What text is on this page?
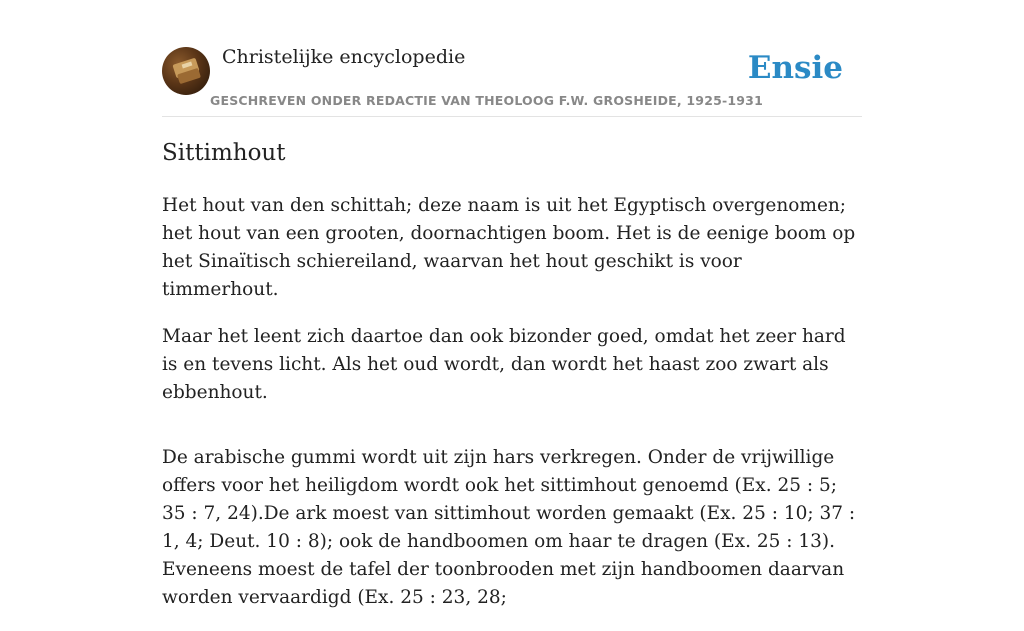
Christelijke encyclopedie
GESCHREVEN ONDER REDACTIE VAN THEOLOOG F.W. GROSHEIDE, 1925-1931
Ensie
Sittimhout

Het hout van den schittah; deze naam is uit het Egyptisch overgenomen; het hout van een grooten, doornachtigen boom. Het is de eenige boom op het Sinaïtisch schiereiland, waarvan het hout geschikt is voor timmerhout.

Maar het leent zich daartoe dan ook bizonder goed, omdat het zeer hard is en tevens licht. Als het oud wordt, dan wordt het haast zoo zwart als ebbenhout.

De arabische gummi wordt uit zijn hars verkregen. Onder de vrijwillige offers voor het heiligdom wordt ook het sittimhout genoemd (Ex. 25 : 5; 35 : 7, 24).De ark moest van sittimhout worden gemaakt (Ex. 25 : 10; 37 : 1, 4; Deut. 10 : 8); ook de handboomen om haar te dragen (Ex. 25 : 13). Eveneens moest de tafel der toonbrooden met zijn handboomen daarvan worden vervaardigd (Ex. 25 : 23, 28;
